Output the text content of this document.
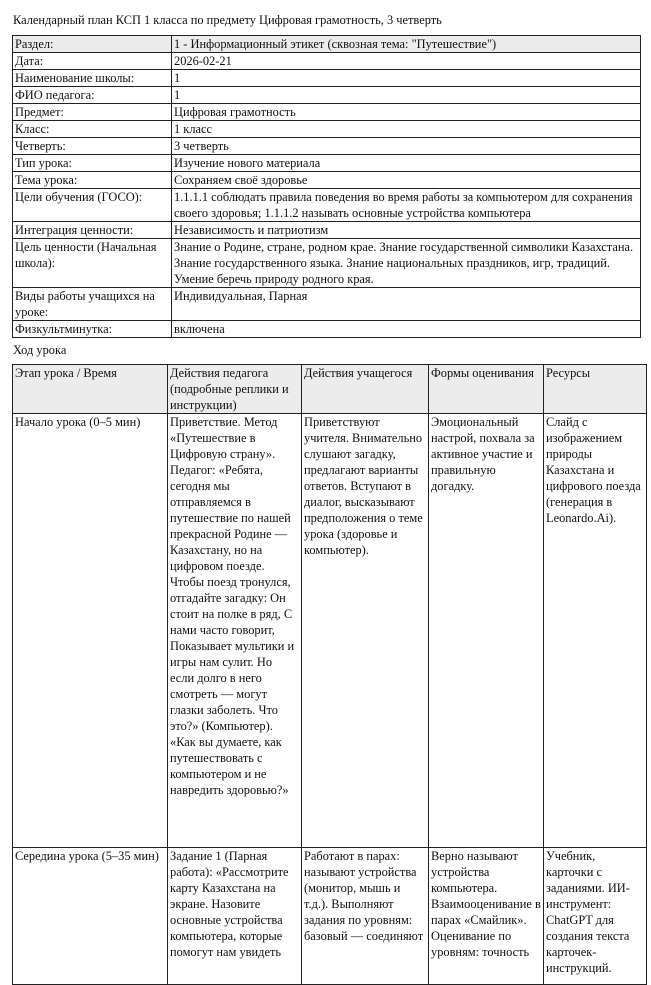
Календарный план КСП 1 класса по предмету Цифровая грамотность, 3 четверть
Раздел:	1 - Информационный этикет (сквозная тема: "Путешествие")
Дата:	2026-02-21
Наименование школы:	1
ФИО педагога:	1
Предмет:	Цифровая грамотность
Класс:	1 класс
Четверть:	3 четверть
Тип урока:	Изучение нового материала
Тема урока:	Сохраняем своё здоровье
Цели обучения (ГОСО):	1.1.1.1 соблюдать правила поведения во время работы за компьютером для сохранения своего здоровья; 1.1.1.2 называть основные устройства компьютера
Интеграция ценности:	Независимость и патриотизм
Цель ценности (Начальная школа):	Знание о Родине, стране, родном крае. Знание государственной символики Казахстана. Знание государственного языка. Знание национальных праздников, игр, традиций. Умение беречь природу родного края.
Виды работы учащихся на уроке:	Индивидуальная, Парная
Физкультминутка:	включена
Ход урока
Этап урока / Время	Действия педагога (подробные реплики и инструкции)	Действия учащегося	Формы оценивания	Ресурсы
Начало урока (0–5 мин)	Приветствие. Метод «Путешествие в Цифровую страну». Педагог: «Ребята, сегодня мы отправляемся в путешествие по нашей прекрасной Родине — Казахстану, но на цифровом поезде. Чтобы поезд тронулся, отгадайте загадку: Он стоит на полке в ряд, С нами часто говорит, Показывает мультики и игры нам сулит. Но если долго в него смотреть — могут глазки заболеть. Что это?» (Компьютер). «Как вы думаете, как путешествовать с компьютером и не навредить здоровью?»	Приветствуют учителя. Внимательно слушают загадку, предлагают варианты ответов. Вступают в диалог, высказывают предположения о теме урока (здоровье и компьютер).	Эмоциональный настрой, похвала за активное участие и правильную догадку.	Слайд с изображением природы Казахстана и цифрового поезда (генерация в Leonardo.Ai).
Середина урока (5–35 мин)	Задание 1 (Парная работа): «Рассмотрите карту Казахстана на экране. Назовите основные устройства компьютера, которые помогут нам увидеть	Работают в парах: называют устройства (монитор, мышь и т.д.). Выполняют задания по уровням: базовый — соединяют	Верно называют устройства компьютера. Взаимооценивание в парах «Смайлик». Оценивание по уровням: точность	Учебник, карточки с заданиями. ИИ-инструмент: ChatGPT для создания текста карточек-инструкций.
